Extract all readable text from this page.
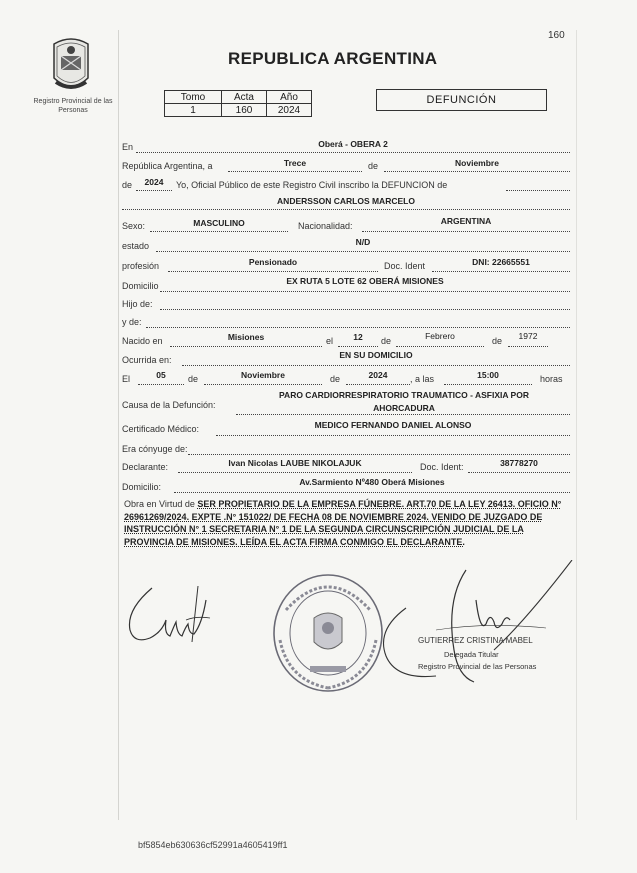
160
Registro Provincial de las Personas
REPUBLICA ARGENTINA
Tomo	Acta	Año
1	160	2024
DEFUNCIÓN
En	Oberá - OBERA 2
República Argentina, a	Trece	de	Noviembre
de	2024	Yo, Oficial Público de este Registro Civil inscribo la DEFUNCION de
ANDERSSON CARLOS MARCELO
Sexo:	MASCULINO	Nacionalidad:	ARGENTINA
estado	N/D
profesión	Pensionado	Doc. Ident	DNI: 22665551
Domicilio	EX RUTA 5 LOTE 62 OBERÁ MISIONES
Hijo de:
y de:
Nacido en	Misiones	el	12	de	Febrero	de	1972
Ocurrida en:	EN SU DOMICILIO
El	05	de	Noviembre	de	2024	, a las	15:00	horas
Causa de la Defunción:
PARO CARDIORRESPIRATORIO TRAUMATICO - ASFIXIA POR
AHORCADURA
Certificado Médico:	MEDICO FERNANDO DANIEL ALONSO
Era cónyuge de:
Declarante:	Ivan Nicolas LAUBE NIKOLAJUK	Doc. Ident:	38778270
Domicilio:	Av.Sarmiento Nº480 Oberá Misiones
Obra en Virtud de SER PROPIETARIO DE LA EMPRESA FÚNEBRE. ART.70 DE LA LEY 26413. OFICIO N° 26961269/2024. EXPTE .N° 151022/ DE FECHA 08 DE NOVIEMBRE 2024. VENIDO DE JUZGADO DE INSTRUCCIÓN N° 1 SECRETARIA N° 1 DE LA SEGUNDA CIRCUNSCRIPCIÓN JUDICIAL DE LA PROVINCIA DE MISIONES. LEÍDA EL ACTA FIRMA CONMIGO EL DECLARANTE.
GUTIERREZ CRISTINA MABEL
Delegada Titular
Registro Provincial de las Personas
bf5854eb630636cf52991a4605419ff1
